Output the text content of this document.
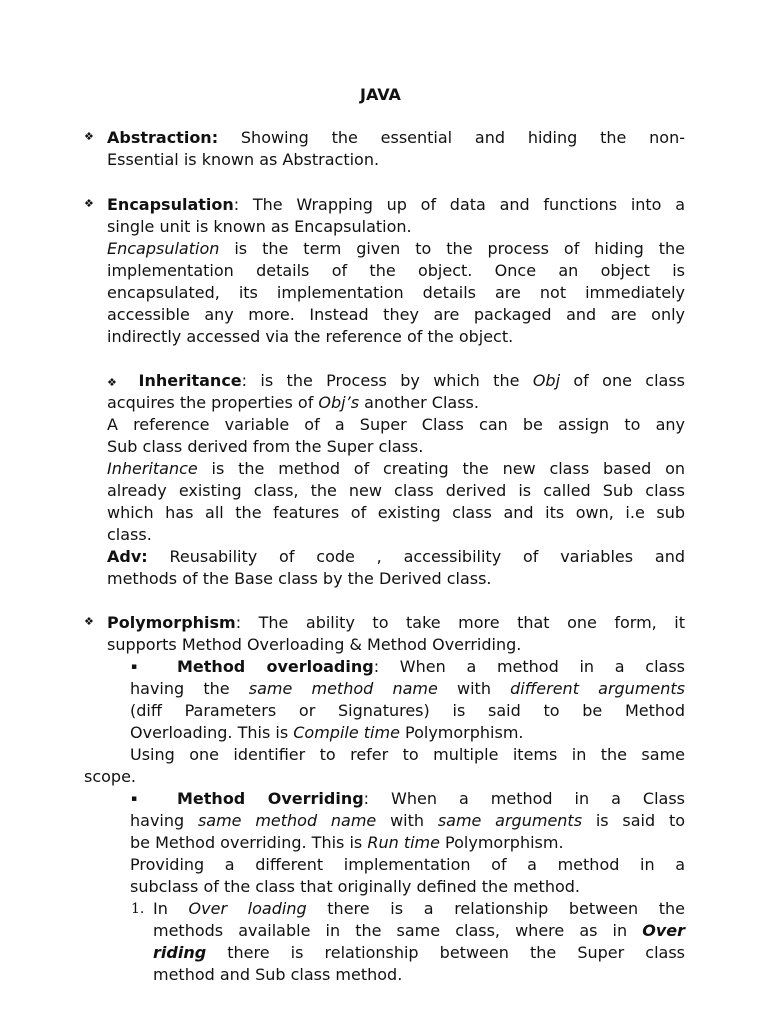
JAVA
❖ Abstraction: Showing the essential and hiding the non-
Essential is known as Abstraction.
❖ Encapsulation: The Wrapping up of data and functions into a
single unit is known as Encapsulation.
Encapsulation is the term given to the process of hiding the
implementation details of the object. Once an object is
encapsulated, its implementation details are not immediately
accessible any more. Instead they are packaged and are only
indirectly accessed via the reference of the object.
❖ Inheritance: is the Process by which the Obj of one class
acquires the properties of Obj’s another Class.
A reference variable of a Super Class can be assign to any
Sub class derived from the Super class.
Inheritance is the method of creating the new class based on
already existing class, the new class derived is called Sub class
which has all the features of existing class and its own, i.e sub
class.
Adv: Reusability of code , accessibility of variables and
methods of the Base class by the Derived class.
❖ Polymorphism: The ability to take more that one form, it
supports Method Overloading & Method Overriding.
▪ Method overloading: When a method in a class
having the same method name with different arguments
(diff Parameters or Signatures) is said to be Method
Overloading. This is Compile time Polymorphism.
Using one identifier to refer to multiple items in the same
scope.
▪ Method Overriding: When a method in a Class
having same method name with same arguments is said to
be Method overriding. This is Run time Polymorphism.
Providing a different implementation of a method in a
subclass of the class that originally defined the method.
1. In Over loading there is a relationship between the
methods available in the same class, where as in Over
riding there is relationship between the Super class
method and Sub class method.
